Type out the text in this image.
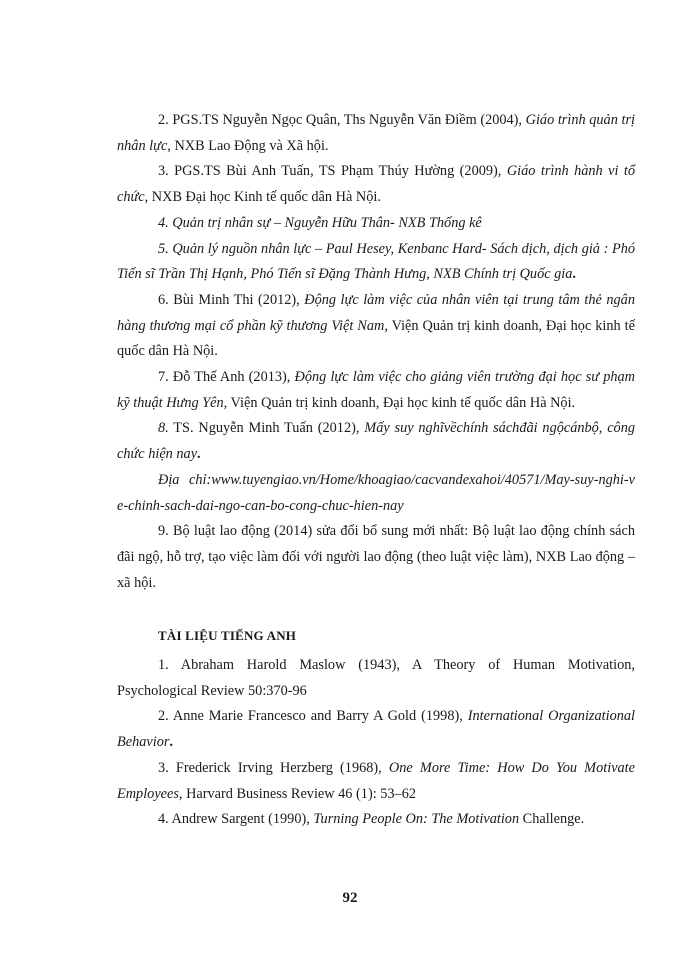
2. PGS.TS Nguyễn Ngọc Quân, Ths Nguyễn Văn Điềm (2004), Giáo trình quản trị nhân lực, NXB Lao Động và Xã hội.

3. PGS.TS Bùi Anh Tuấn, TS Phạm Thúy Hường (2009), Giáo trình hành vi tổ chức, NXB Đại học Kinh tế quốc dân Hà Nội.

4. Quản trị nhân sự – Nguyễn Hữu Thân- NXB Thống kê

5. Quản lý nguồn nhân lực – Paul Hesey, Kenbanc Hard- Sách dịch, dịch giả : Phó Tiến sĩ Trần Thị Hạnh, Phó Tiến sĩ Đặng Thành Hưng, NXB Chính trị Quốc gia.

6. Bùi Minh Thi (2012), Động lực làm việc của nhân viên tại trung tâm thẻ ngân hàng thương mại cổ phần kỹ thương Việt Nam, Viện Quản trị kinh doanh, Đại học kinh tế quốc dân Hà Nội.

7. Đỗ Thế Anh (2013), Động lực làm việc cho giảng viên trường đại học sư phạm kỹ thuật Hưng Yên, Viện Quản trị kinh doanh, Đại học kinh tế quốc dân Hà Nội.

8. TS. Nguyễn Minh Tuấn (2012), Mấy suy nghĩvềchính sáchđãi ngộcánbộ, công chức hiện nay.

Địa chỉ:www.tuyengiao.vn/Home/khoagiao/cacvandexahoi/40571/May-suy-nghi-ve-chinh-sach-dai-ngo-can-bo-cong-chuc-hien-nay

9. Bộ luật lao động (2014) sửa đổi bổ sung mới nhất: Bộ luật lao động chính sách đãi ngộ, hỗ trợ, tạo việc làm đối với người lao động (theo luật việc làm), NXB Lao động – xã hội.

TÀI LIỆU TIẾNG ANH

1. Abraham Harold Maslow (1943), A Theory of Human Motivation, Psychological Review 50:370-96

2. Anne Marie Francesco and Barry A Gold (1998), International Organizational Behavior.

3. Frederick Irving Herzberg (1968), One More Time: How Do You Motivate Employees, Harvard Business Review 46 (1): 53–62

4. Andrew Sargent (1990), Turning People On: The Motivation Challenge.

92
